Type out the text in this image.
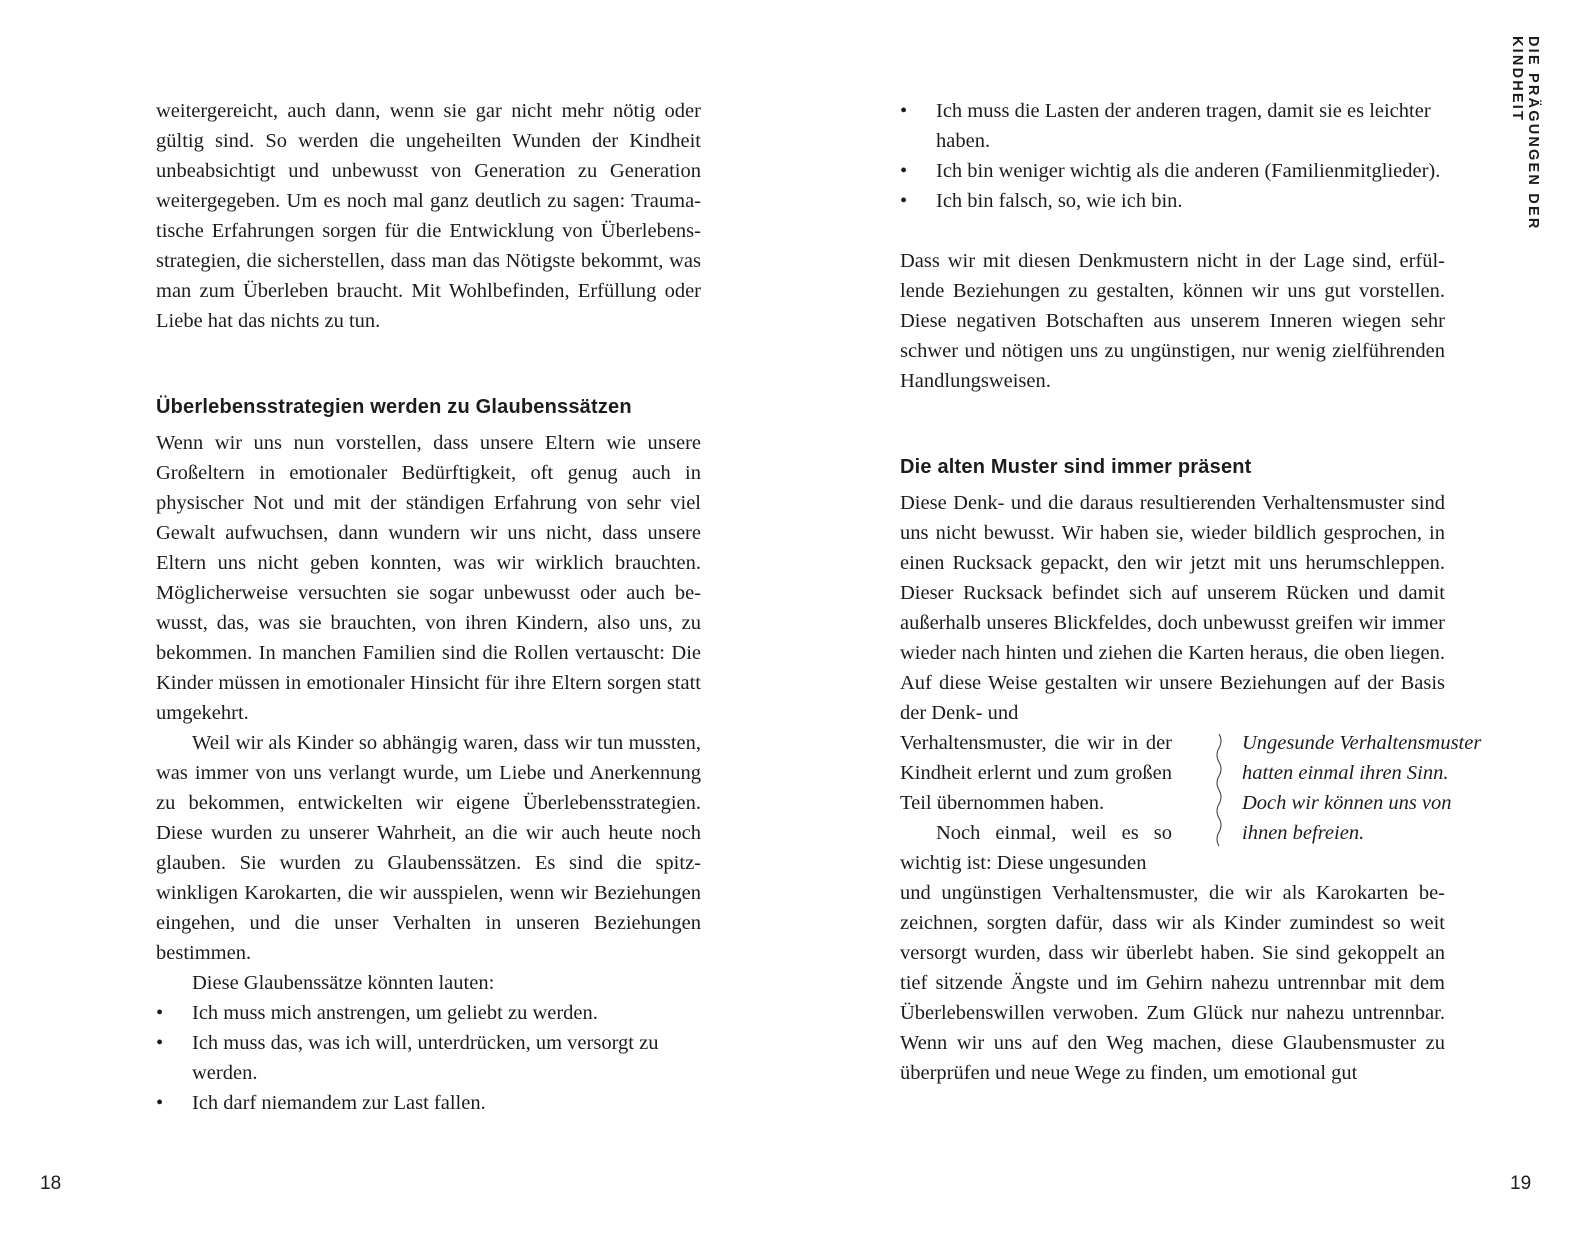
weitergereicht, auch dann, wenn sie gar nicht mehr nötig oder gültig sind. So werden die ungeheilten Wunden der Kindheit unbeabsichtigt und unbewusst von Generation zu Generation weitergegeben. Um es noch mal ganz deutlich zu sagen: Traumatische Erfahrungen sorgen für die Entwicklung von Überlebensstrategien, die sicherstellen, dass man das Nötigste bekommt, was man zum Überleben braucht. Mit Wohlbefinden, Erfüllung oder Liebe hat das nichts zu tun.

Überlebensstrategien werden zu Glaubenssätzen

Wenn wir uns nun vorstellen, dass unsere Eltern wie unsere Großeltern in emotionaler Bedürftigkeit, oft genug auch in physischer Not und mit der ständigen Erfahrung von sehr viel Gewalt aufwuchsen, dann wundern wir uns nicht, dass unsere Eltern uns nicht geben konnten, was wir wirklich brauchten. Möglicherweise versuchten sie sogar unbewusst oder auch bewusst, das, was sie brauchten, von ihren Kindern, also uns, zu bekommen. In manchen Familien sind die Rollen vertauscht: Die Kinder müssen in emotionaler Hinsicht für ihre Eltern sorgen statt umgekehrt.

Weil wir als Kinder so abhängig waren, dass wir tun mussten, was immer von uns verlangt wurde, um Liebe und Anerkennung zu bekommen, entwickelten wir eigene Überlebensstrategien. Diese wurden zu unserer Wahrheit, an die wir auch heute noch glauben. Sie wurden zu Glaubenssätzen. Es sind die spitzwinkligen Karokarten, die wir ausspielen, wenn wir Beziehungen eingehen, und die unser Verhalten in unseren Beziehungen bestimmen.

Diese Glaubenssätze könnten lauten:

• Ich muss mich anstrengen, um geliebt zu werden.
• Ich muss das, was ich will, unterdrücken, um versorgt zu werden.
• Ich darf niemandem zur Last fallen.
18
• Ich muss die Lasten der anderen tragen, damit sie es leichter haben.
• Ich bin weniger wichtig als die anderen (Familienmitglieder).
• Ich bin falsch, so, wie ich bin.

Dass wir mit diesen Denkmustern nicht in der Lage sind, erfüllende Beziehungen zu gestalten, können wir uns gut vorstellen. Diese negativen Botschaften aus unserem Inneren wiegen sehr schwer und nötigen uns zu ungünstigen, nur wenig zielführenden Handlungsweisen.

Die alten Muster sind immer präsent

Diese Denk- und die daraus resultierenden Verhaltensmuster sind uns nicht bewusst. Wir haben sie, wieder bildlich gesprochen, in einen Rucksack gepackt, den wir jetzt mit uns herumschleppen. Dieser Rucksack befindet sich auf unserem Rücken und damit außerhalb unseres Blickfeldes, doch unbewusst greifen wir immer wieder nach hinten und ziehen die Karten heraus, die oben liegen. Auf diese Weise gestalten wir unsere Beziehungen auf der Basis der Denk- und

Verhaltensmuster, die wir in der Kindheit erlernt und zum großen Teil übernommen haben.

Noch einmal, weil es so wichtig ist: Diese ungesunden

Ungesunde Verhaltensmuster hatten einmal ihren Sinn. Doch wir können uns von ihnen befreien.

und ungünstigen Verhaltensmuster, die wir als Karokarten bezeichnen, sorgten dafür, dass wir als Kinder zumindest so weit versorgt wurden, dass wir überlebt haben. Sie sind gekoppelt an tief sitzende Ängste und im Gehirn nahezu untrennbar mit dem Überlebenswillen verwoben. Zum Glück nur nahezu untrennbar. Wenn wir uns auf den Weg machen, diese Glaubensmuster zu überprüfen und neue Wege zu finden, um emotional gut

DIE PRÄGUNGEN DER KINDHEIT
19
